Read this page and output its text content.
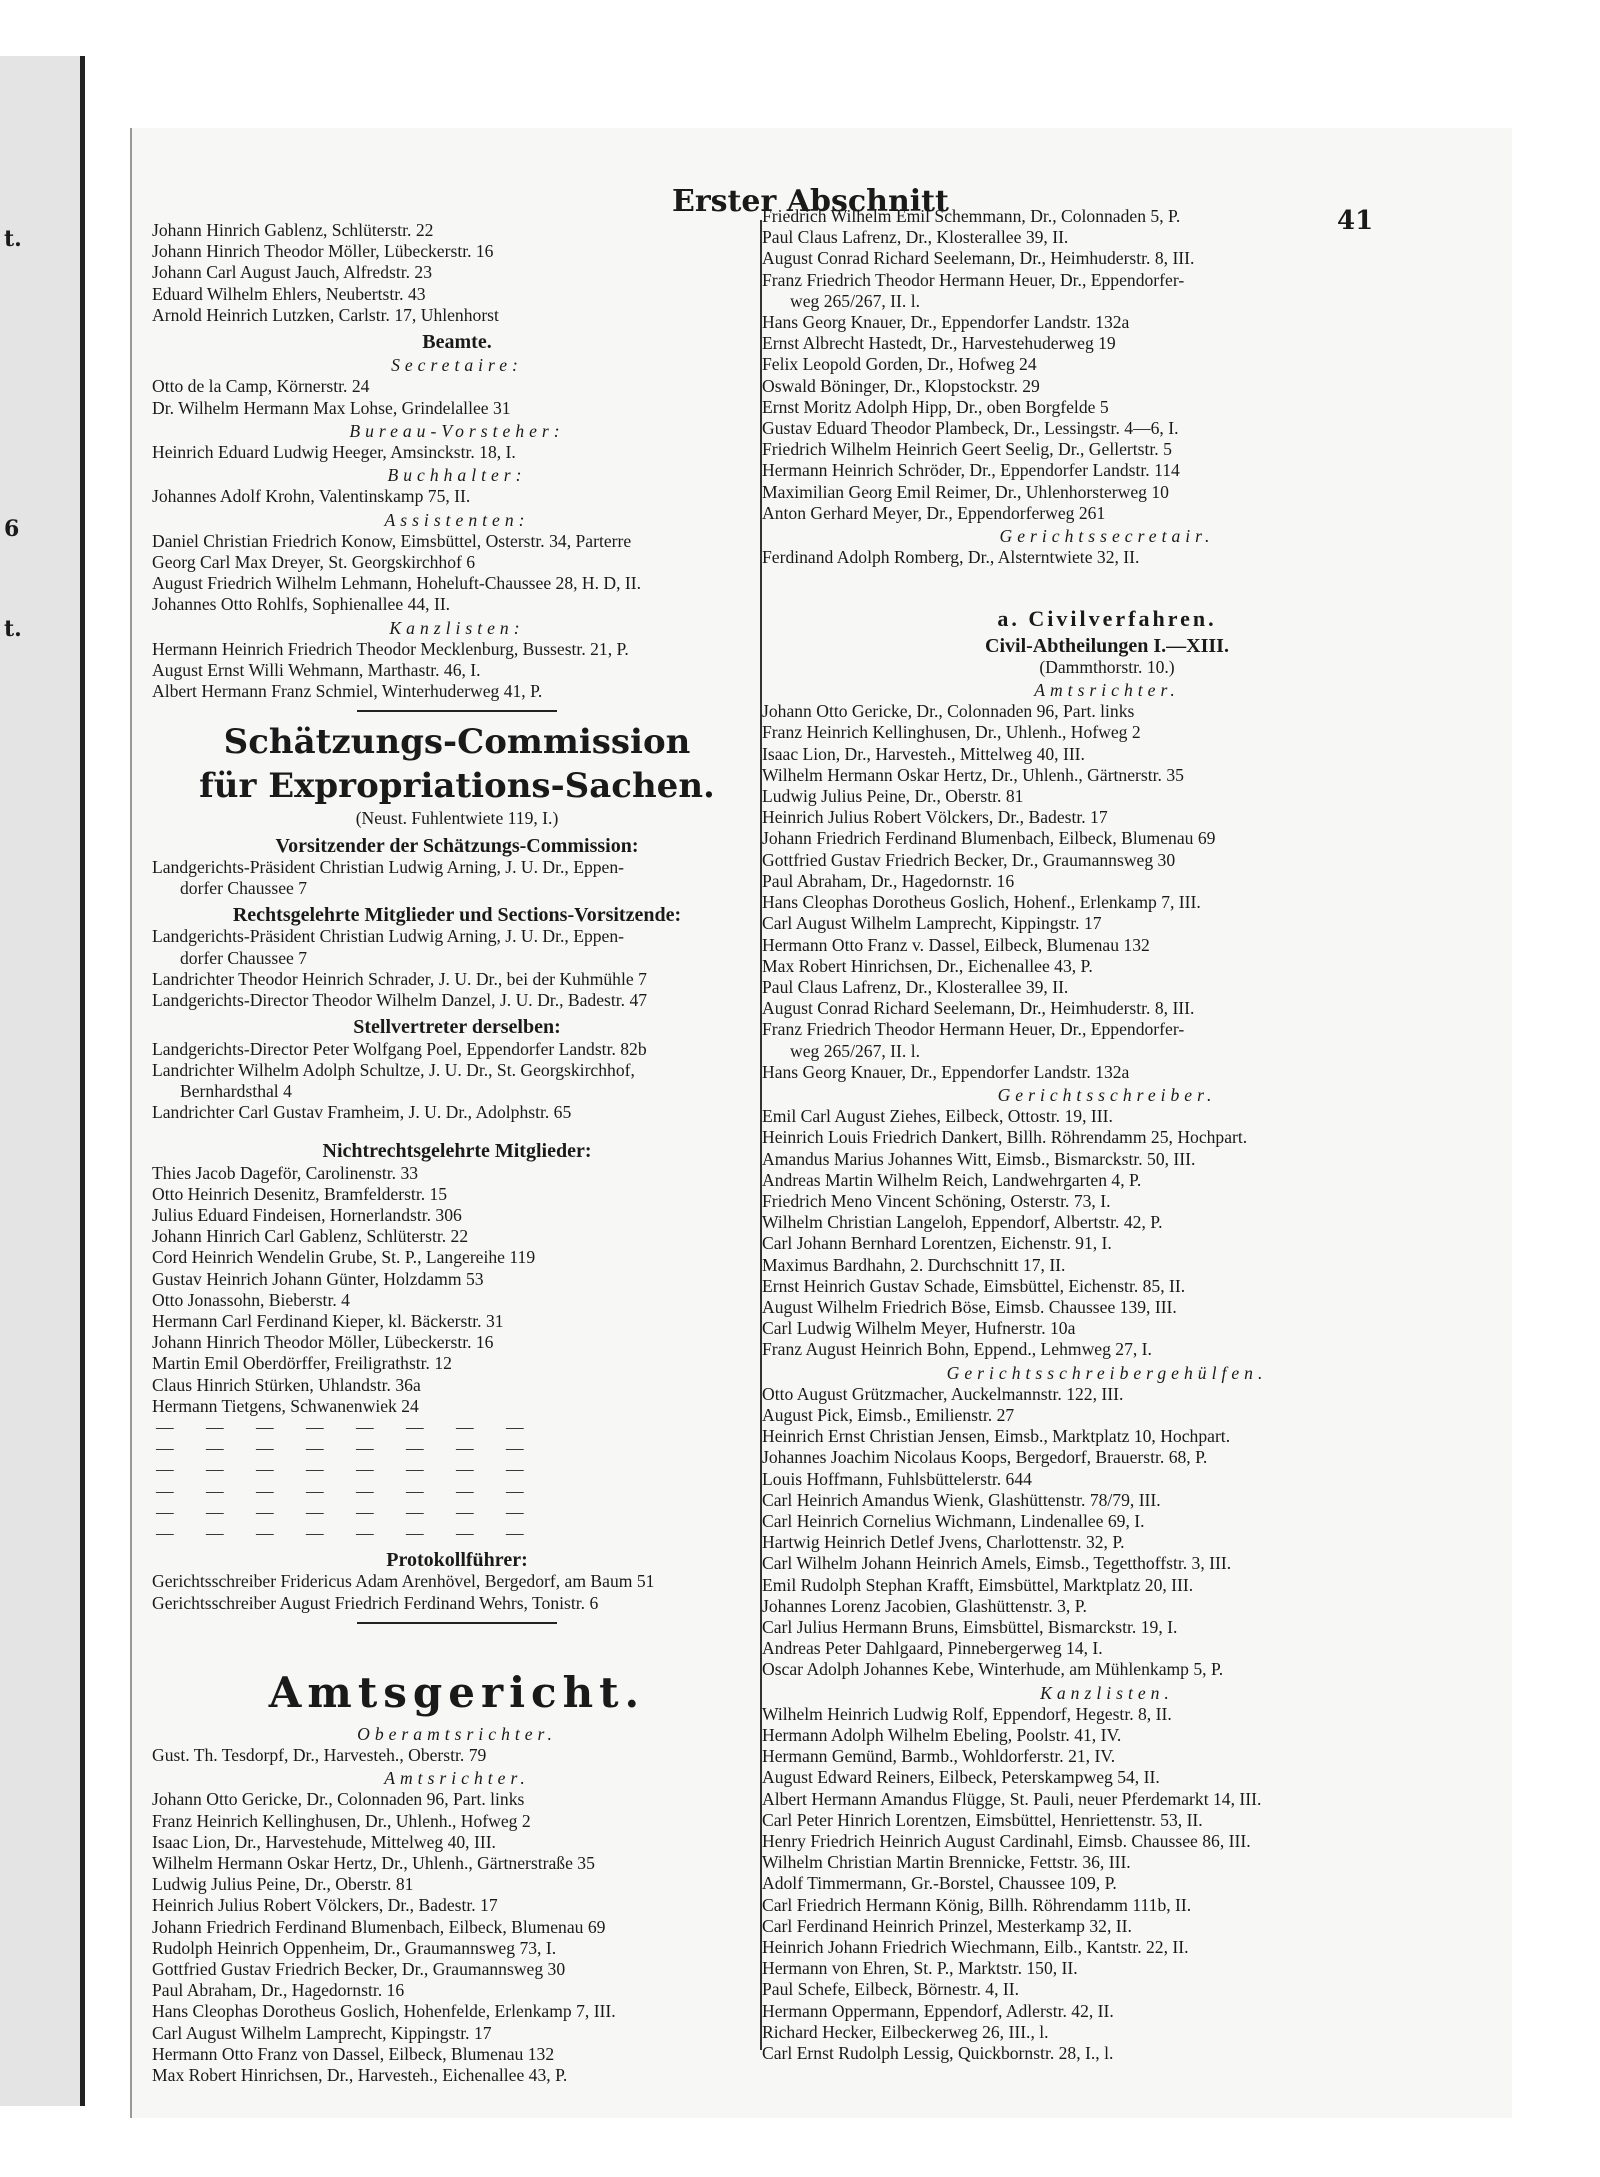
t.
6
t.
Erster Abschnitt
41
Johann Hinrich Gablenz, Schlüterstr. 22
Johann Hinrich Theodor Möller, Lübeckerstr. 16
Johann Carl August Jauch, Alfredstr. 23
Eduard Wilhelm Ehlers, Neubertstr. 43
Arnold Heinrich Lutzken, Carlstr. 17, Uhlenhorst
Beamte.
Secretaire:
Otto de la Camp, Körnerstr. 24
Dr. Wilhelm Hermann Max Lohse, Grindelallee 31
Bureau-Vorsteher:
Heinrich Eduard Ludwig Heeger, Amsinckstr. 18, I.
Buchhalter:
Johannes Adolf Krohn, Valentinskamp 75, II.
Assistenten:
Daniel Christian Friedrich Konow, Eimsbüttel, Osterstr. 34, Parterre
Georg Carl Max Dreyer, St. Georgskirchhof 6
August Friedrich Wilhelm Lehmann, Hoheluft-Chaussee 28, H. D, II.
Johannes Otto Rohlfs, Sophienallee 44, II.
Kanzlisten:
Hermann Heinrich Friedrich Theodor Mecklenburg, Bussestr. 21, P.
August Ernst Willi Wehmann, Marthastr. 46, I.
Albert Hermann Franz Schmiel, Winterhuderweg 41, P.
Schätzungs-Commission
für Expropriations-Sachen.
(Neust. Fuhlentwiete 119, I.)
Vorsitzender der Schätzungs-Commission:
Landgerichts-Präsident Christian Ludwig Arning, J. U. Dr., Eppen-
dorfer Chaussee 7
Rechtsgelehrte Mitglieder und Sections-Vorsitzende:
Landgerichts-Präsident Christian Ludwig Arning, J. U. Dr., Eppen-
dorfer Chaussee 7
Landrichter Theodor Heinrich Schrader, J. U. Dr., bei der Kuhmühle 7
Landgerichts-Director Theodor Wilhelm Danzel, J. U. Dr., Badestr. 47
Stellvertreter derselben:
Landgerichts-Director Peter Wolfgang Poel, Eppendorfer Landstr. 82b
Landrichter Wilhelm Adolph Schultze, J. U. Dr., St. Georgskirchhof,
Bernhardsthal 4
Landrichter Carl Gustav Framheim, J. U. Dr., Adolphstr. 65
Nichtrechtsgelehrte Mitglieder:
Thies Jacob Dageför, Carolinenstr. 33
Otto Heinrich Desenitz, Bramfelderstr. 15
Julius Eduard Findeisen, Hornerlandstr. 306
Johann Hinrich Carl Gablenz, Schlüterstr. 22
Cord Heinrich Wendelin Grube, St. P., Langereihe 119
Gustav Heinrich Johann Günter, Holzdamm 53
Otto Jonassohn, Bieberstr. 4
Hermann Carl Ferdinand Kieper, kl. Bäckerstr. 31
Johann Hinrich Theodor Möller, Lübeckerstr. 16
Martin Emil Oberdörffer, Freiligrathstr. 12
Claus Hinrich Stürken, Uhlandstr. 36a
Hermann Tietgens, Schwanenwiek 24
— — — — — — — —
— — — — — — — —
— — — — — — — —
— — — — — — — —
— — — — — — — —
— — — — — — — —
Protokollführer:
Gerichtsschreiber Fridericus Adam Arenhövel, Bergedorf, am Baum 51
Gerichtsschreiber August Friedrich Ferdinand Wehrs, Tonistr. 6
Amtsgericht.
Oberamtsrichter.
Gust. Th. Tesdorpf, Dr., Harvesteh., Oberstr. 79
Amtsrichter.
Johann Otto Gericke, Dr., Colonnaden 96, Part. links
Franz Heinrich Kellinghusen, Dr., Uhlenh., Hofweg 2
Isaac Lion, Dr., Harvestehude, Mittelweg 40, III.
Wilhelm Hermann Oskar Hertz, Dr., Uhlenh., Gärtnerstraße 35
Ludwig Julius Peine, Dr., Oberstr. 81
Heinrich Julius Robert Völckers, Dr., Badestr. 17
Johann Friedrich Ferdinand Blumenbach, Eilbeck, Blumenau 69
Rudolph Heinrich Oppenheim, Dr., Graumannsweg 73, I.
Gottfried Gustav Friedrich Becker, Dr., Graumannsweg 30
Paul Abraham, Dr., Hagedornstr. 16
Hans Cleophas Dorotheus Goslich, Hohenfelde, Erlenkamp 7, III.
Carl August Wilhelm Lamprecht, Kippingstr. 17
Hermann Otto Franz von Dassel, Eilbeck, Blumenau 132
Max Robert Hinrichsen, Dr., Harvesteh., Eichenallee 43, P.
Friedrich Wilhelm Emil Schemmann, Dr., Colonnaden 5, P.
Paul Claus Lafrenz, Dr., Klosterallee 39, II.
August Conrad Richard Seelemann, Dr., Heimhuderstr. 8, III.
Franz Friedrich Theodor Hermann Heuer, Dr., Eppendorfer-
weg 265/267, II. l.
Hans Georg Knauer, Dr., Eppendorfer Landstr. 132a
Ernst Albrecht Hastedt, Dr., Harvestehuderweg 19
Felix Leopold Gorden, Dr., Hofweg 24
Oswald Böninger, Dr., Klopstockstr. 29
Ernst Moritz Adolph Hipp, Dr., oben Borgfelde 5
Gustav Eduard Theodor Plambeck, Dr., Lessingstr. 4—6, I.
Friedrich Wilhelm Heinrich Geert Seelig, Dr., Gellertstr. 5
Hermann Heinrich Schröder, Dr., Eppendorfer Landstr. 114
Maximilian Georg Emil Reimer, Dr., Uhlenhorsterweg 10
Anton Gerhard Meyer, Dr., Eppendorferweg 261
Gerichtssecretair.
Ferdinand Adolph Romberg, Dr., Alsterntwiete 32, II.
a. Civilverfahren.
Civil-Abtheilungen I.—XIII.
(Dammthorstr. 10.)
Amtsrichter.
Johann Otto Gericke, Dr., Colonnaden 96, Part. links
Franz Heinrich Kellinghusen, Dr., Uhlenh., Hofweg 2
Isaac Lion, Dr., Harvesteh., Mittelweg 40, III.
Wilhelm Hermann Oskar Hertz, Dr., Uhlenh., Gärtnerstr. 35
Ludwig Julius Peine, Dr., Oberstr. 81
Heinrich Julius Robert Völckers, Dr., Badestr. 17
Johann Friedrich Ferdinand Blumenbach, Eilbeck, Blumenau 69
Gottfried Gustav Friedrich Becker, Dr., Graumannsweg 30
Paul Abraham, Dr., Hagedornstr. 16
Hans Cleophas Dorotheus Goslich, Hohenf., Erlenkamp 7, III.
Carl August Wilhelm Lamprecht, Kippingstr. 17
Hermann Otto Franz v. Dassel, Eilbeck, Blumenau 132
Max Robert Hinrichsen, Dr., Eichenallee 43, P.
Paul Claus Lafrenz, Dr., Klosterallee 39, II.
August Conrad Richard Seelemann, Dr., Heimhuderstr. 8, III.
Franz Friedrich Theodor Hermann Heuer, Dr., Eppendorfer-
weg 265/267, II. l.
Hans Georg Knauer, Dr., Eppendorfer Landstr. 132a
Gerichtsschreiber.
Emil Carl August Ziehes, Eilbeck, Ottostr. 19, III.
Heinrich Louis Friedrich Dankert, Billh. Röhrendamm 25, Hochpart.
Amandus Marius Johannes Witt, Eimsb., Bismarckstr. 50, III.
Andreas Martin Wilhelm Reich, Landwehrgarten 4, P.
Friedrich Meno Vincent Schöning, Osterstr. 73, I.
Wilhelm Christian Langeloh, Eppendorf, Albertstr. 42, P.
Carl Johann Bernhard Lorentzen, Eichenstr. 91, I.
Maximus Bardhahn, 2. Durchschnitt 17, II.
Ernst Heinrich Gustav Schade, Eimsbüttel, Eichenstr. 85, II.
August Wilhelm Friedrich Böse, Eimsb. Chaussee 139, III.
Carl Ludwig Wilhelm Meyer, Hufnerstr. 10a
Franz August Heinrich Bohn, Eppend., Lehmweg 27, I.
Gerichtsschreibergehülfen.
Otto August Grützmacher, Auckelmannstr. 122, III.
August Pick, Eimsb., Emilienstr. 27
Heinrich Ernst Christian Jensen, Eimsb., Marktplatz 10, Hochpart.
Johannes Joachim Nicolaus Koops, Bergedorf, Brauerstr. 68, P.
Louis Hoffmann, Fuhlsbüttelerstr. 644
Carl Heinrich Amandus Wienk, Glashüttenstr. 78/79, III.
Carl Heinrich Cornelius Wichmann, Lindenallee 69, I.
Hartwig Heinrich Detlef Jvens, Charlottenstr. 32, P.
Carl Wilhelm Johann Heinrich Amels, Eimsb., Tegetthoffstr. 3, III.
Emil Rudolph Stephan Krafft, Eimsbüttel, Marktplatz 20, III.
Johannes Lorenz Jacobien, Glashüttenstr. 3, P.
Carl Julius Hermann Bruns, Eimsbüttel, Bismarckstr. 19, I.
Andreas Peter Dahlgaard, Pinnebergerweg 14, I.
Oscar Adolph Johannes Kebe, Winterhude, am Mühlenkamp 5, P.
Kanzlisten.
Wilhelm Heinrich Ludwig Rolf, Eppendorf, Hegestr. 8, II.
Hermann Adolph Wilhelm Ebeling, Poolstr. 41, IV.
Hermann Gemünd, Barmb., Wohldorferstr. 21, IV.
August Edward Reiners, Eilbeck, Peterskampweg 54, II.
Albert Hermann Amandus Flügge, St. Pauli, neuer Pferdemarkt 14, III.
Carl Peter Hinrich Lorentzen, Eimsbüttel, Henriettenstr. 53, II.
Henry Friedrich Heinrich August Cardinahl, Eimsb. Chaussee 86, III.
Wilhelm Christian Martin Brennicke, Fettstr. 36, III.
Adolf Timmermann, Gr.-Borstel, Chaussee 109, P.
Carl Friedrich Hermann König, Billh. Röhrendamm 111b, II.
Carl Ferdinand Heinrich Prinzel, Mesterkamp 32, II.
Heinrich Johann Friedrich Wiechmann, Eilb., Kantstr. 22, II.
Hermann von Ehren, St. P., Marktstr. 150, II.
Paul Schefe, Eilbeck, Börnestr. 4, II.
Hermann Oppermann, Eppendorf, Adlerstr. 42, II.
Richard Hecker, Eilbeckerweg 26, III., l.
Carl Ernst Rudolph Lessig, Quickbornstr. 28, I., l.
